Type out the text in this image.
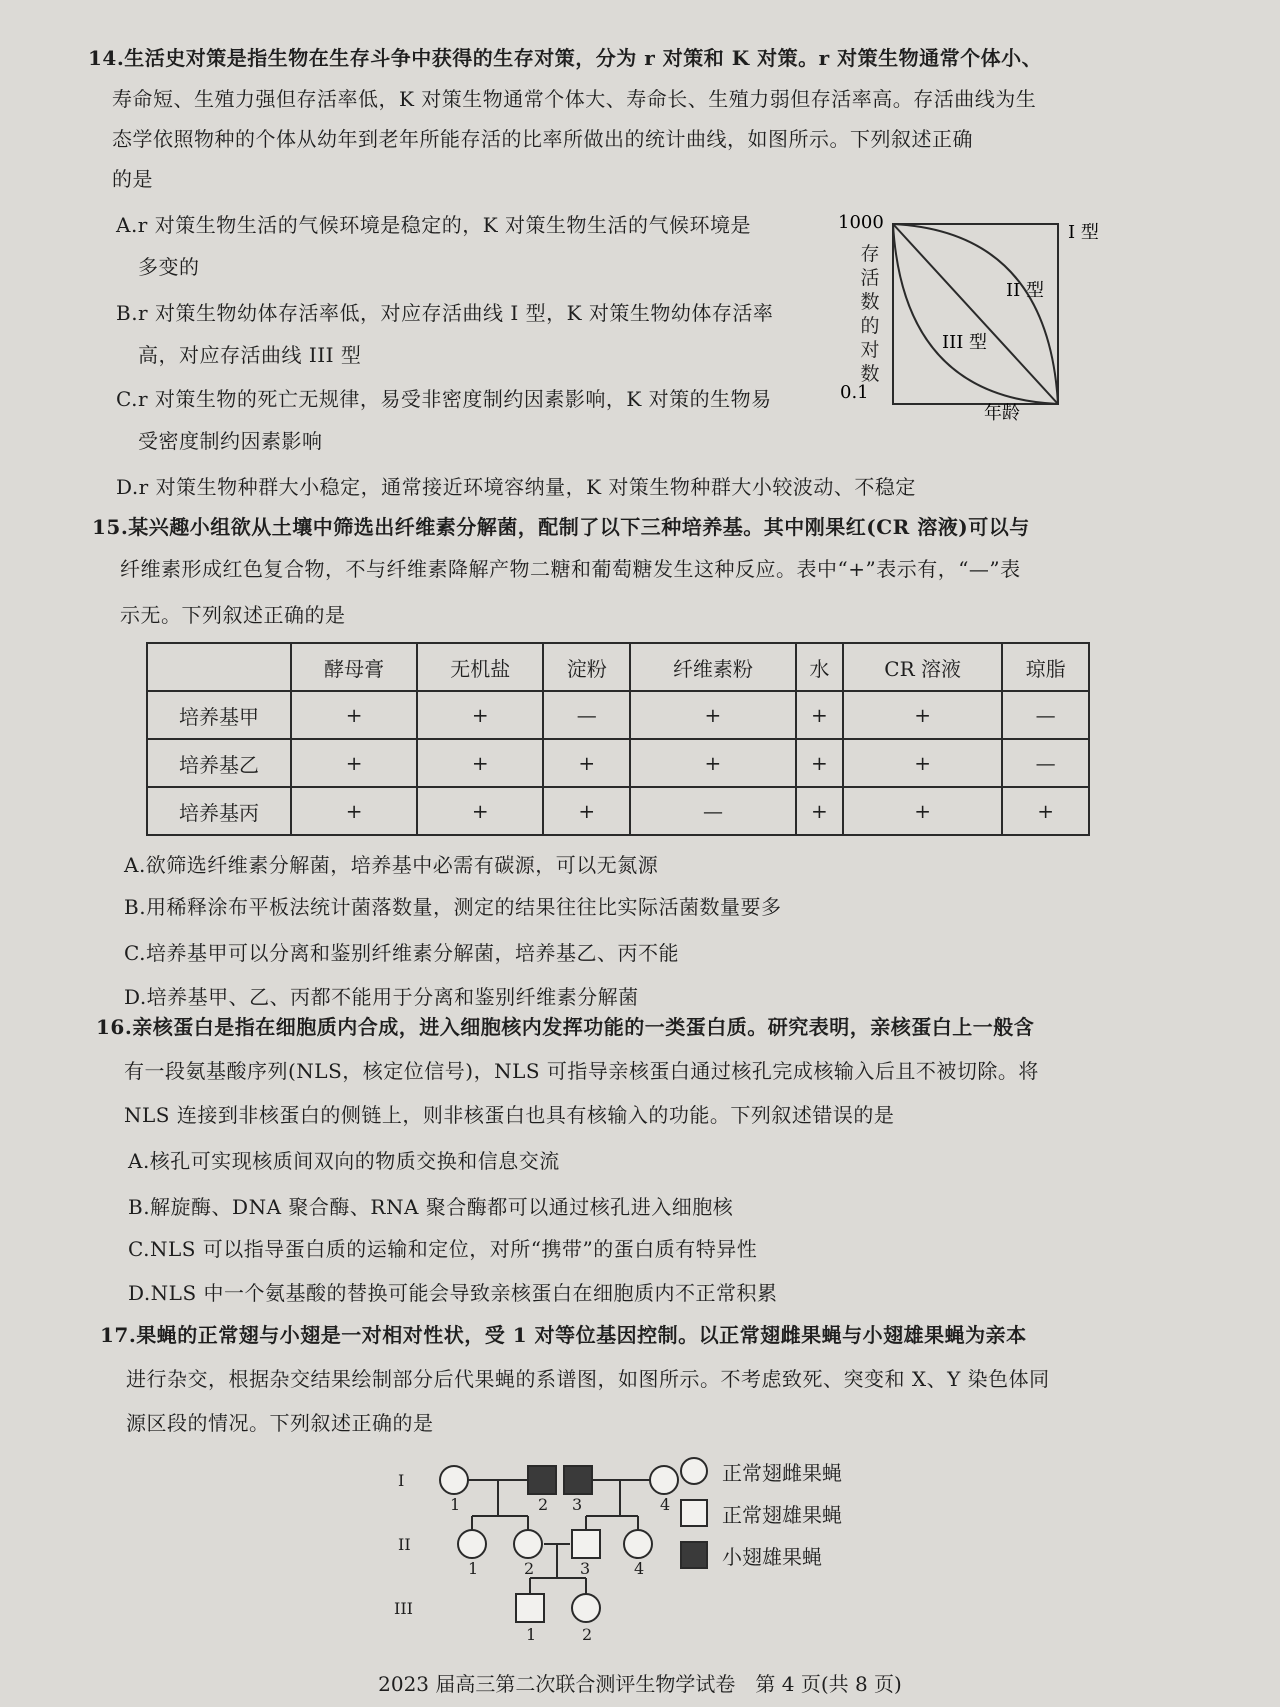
14.生活史对策是指生物在生存斗争中获得的生存对策，分为 r 对策和 K 对策。r 对策生物通常个体小、
寿命短、生殖力强但存活率低，K 对策生物通常个体大、寿命长、生殖力弱但存活率高。存活曲线为生
态学依照物种的个体从幼年到老年所能存活的比率所做出的统计曲线，如图所示。下列叙述正确
的是
A.r 对策生物生活的气候环境是稳定的，K 对策生物生活的气候环境是
多变的
B.r 对策生物幼体存活率低，对应存活曲线 I 型，K 对策生物幼体存活率
高，对应存活曲线 III 型
C.r 对策生物的死亡无规律，易受非密度制约因素影响，K 对策的生物易
受密度制约因素影响
D.r 对策生物种群大小稳定，通常接近环境容纳量，K 对策生物种群大小较波动、不稳定
存活数的对数
1000
0.1
I 型
II 型
III 型
年龄
15.某兴趣小组欲从土壤中筛选出纤维素分解菌，配制了以下三种培养基。其中刚果红(CR 溶液)可以与
纤维素形成红色复合物，不与纤维素降解产物二糖和葡萄糖发生这种反应。表中“+”表示有，“—”表
示无。下列叙述正确的是
	酵母膏	无机盐	淀粉	纤维素粉	水	CR 溶液	琼脂
培养基甲	+	+	—	+	+	+	—
培养基乙	+	+	+	+	+	+	—
培养基丙	+	+	+	—	+	+	+
A.欲筛选纤维素分解菌，培养基中必需有碳源，可以无氮源
B.用稀释涂布平板法统计菌落数量，测定的结果往往比实际活菌数量要多
C.培养基甲可以分离和鉴别纤维素分解菌，培养基乙、丙不能
D.培养基甲、乙、丙都不能用于分离和鉴别纤维素分解菌
16.亲核蛋白是指在细胞质内合成，进入细胞核内发挥功能的一类蛋白质。研究表明，亲核蛋白上一般含
有一段氨基酸序列(NLS，核定位信号)，NLS 可指导亲核蛋白通过核孔完成核输入后且不被切除。将
NLS 连接到非核蛋白的侧链上，则非核蛋白也具有核输入的功能。下列叙述错误的是
A.核孔可实现核质间双向的物质交换和信息交流
B.解旋酶、DNA 聚合酶、RNA 聚合酶都可以通过核孔进入细胞核
C.NLS 可以指导蛋白质的运输和定位，对所“携带”的蛋白质有特异性
D.NLS 中一个氨基酸的替换可能会导致亲核蛋白在细胞质内不正常积累
17.果蝇的正常翅与小翅是一对相对性状，受 1 对等位基因控制。以正常翅雌果蝇与小翅雄果蝇为亲本
进行杂交，根据杂交结果绘制部分后代果蝇的系谱图，如图所示。不考虑致死、突变和 X、Y 染色体同
源区段的情况。下列叙述正确的是
I
II
III
1	2 3	4
1	2	3	4
1	2
正常翅雌果蝇
正常翅雄果蝇
小翅雄果蝇
2023 届高三第二次联合测评生物学试卷　第 4 页(共 8 页)
